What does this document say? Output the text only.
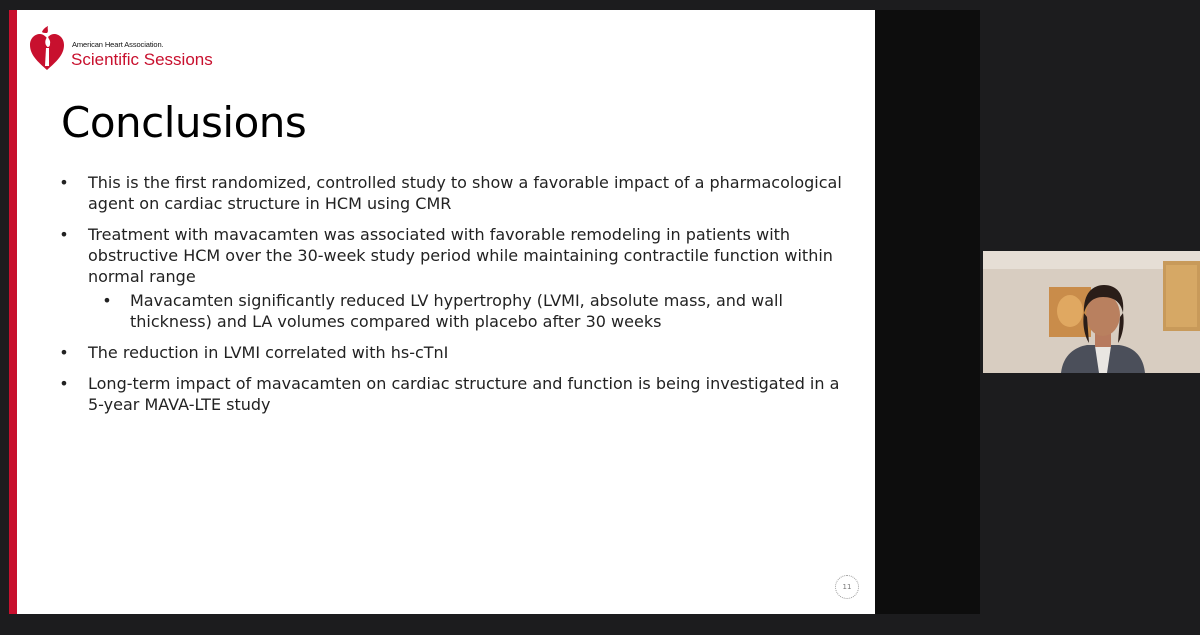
American Heart Association.
Scientific Sessions
Conclusions
• This is the first randomized, controlled study to show a favorable impact of a pharmacological agent on cardiac structure in HCM using CMR
• Treatment with mavacamten was associated with favorable remodeling in patients with obstructive HCM over the 30-week study period while maintaining contractile function within normal range
• Mavacamten significantly reduced LV hypertrophy (LVMI, absolute mass, and wall thickness) and LA volumes compared with placebo after 30 weeks
• The reduction in LVMI correlated with hs-cTnI
• Long-term impact of mavacamten on cardiac structure and function is being investigated in a 5-year MAVA-LTE study
11
